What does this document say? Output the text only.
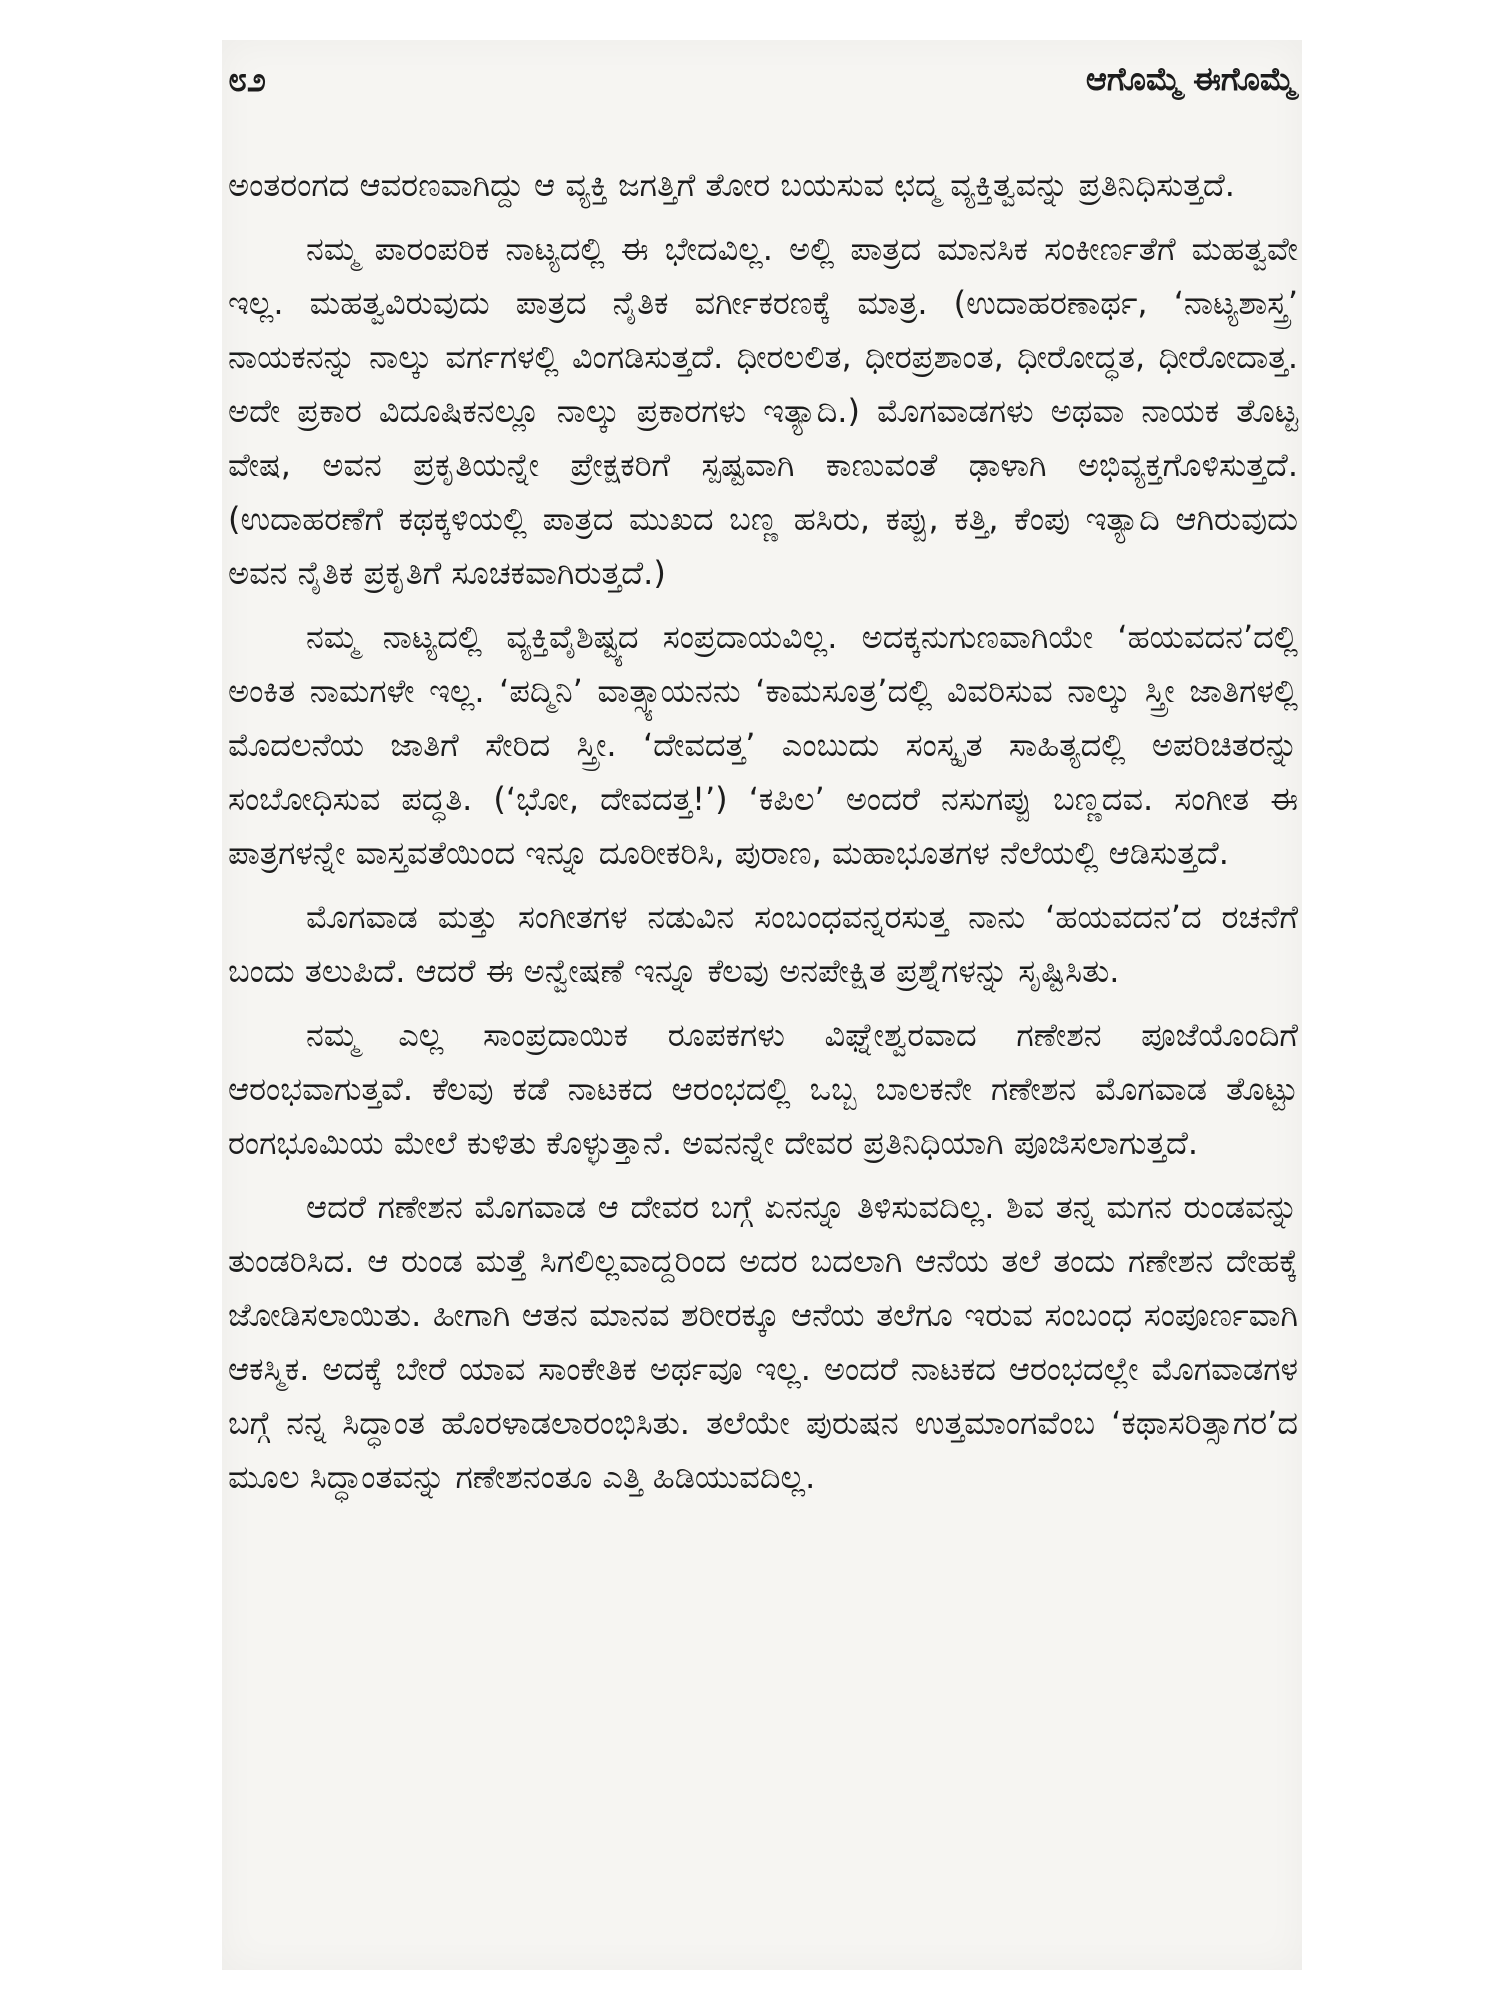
೮೨	ಆಗೊಮ್ಮೆ ಈಗೊಮ್ಮೆ

ಅಂತರಂಗದ ಆವರಣವಾಗಿದ್ದು ಆ ವ್ಯಕ್ತಿ ಜಗತ್ತಿಗೆ ತೋರ ಬಯಸುವ ಛದ್ಮ ವ್ಯಕ್ತಿತ್ವವನ್ನು ಪ್ರತಿನಿಧಿಸುತ್ತದೆ.

ನಮ್ಮ ಪಾರಂಪರಿಕ ನಾಟ್ಯದಲ್ಲಿ ಈ ಭೇದವಿಲ್ಲ. ಅಲ್ಲಿ ಪಾತ್ರದ ಮಾನಸಿಕ ಸಂಕೀರ್ಣತೆಗೆ ಮಹತ್ವವೇ ಇಲ್ಲ. ಮಹತ್ವವಿರುವುದು ಪಾತ್ರದ ನೈತಿಕ ವರ್ಗೀಕರಣಕ್ಕೆ ಮಾತ್ರ. (ಉದಾಹರಣಾರ್ಥ, ‘ನಾಟ್ಯಶಾಸ್ತ್ರ’ ನಾಯಕನನ್ನು ನಾಲ್ಕು ವರ್ಗಗಳಲ್ಲಿ ವಿಂಗಡಿಸುತ್ತದೆ. ಧೀರಲಲಿತ, ಧೀರಪ್ರಶಾಂತ, ಧೀರೋದ್ಧತ, ಧೀರೋದಾತ್ತ. ಅದೇ ಪ್ರಕಾರ ವಿದೂಷಿಕನಲ್ಲೂ ನಾಲ್ಕು ಪ್ರಕಾರಗಳು ಇತ್ಯಾದಿ.) ಮೊಗವಾಡಗಳು ಅಥವಾ ನಾಯಕ ತೊಟ್ಟ ವೇಷ, ಅವನ ಪ್ರಕೃತಿಯನ್ನೇ ಪ್ರೇಕ್ಷಕರಿಗೆ ಸ್ಪಷ್ಟವಾಗಿ ಕಾಣುವಂತೆ ಢಾಳಾಗಿ ಅಭಿವ್ಯಕ್ತಗೊಳಿಸುತ್ತದೆ. (ಉದಾಹರಣೆಗೆ ಕಥಕ್ಕಳಿಯಲ್ಲಿ ಪಾತ್ರದ ಮುಖದ ಬಣ್ಣ ಹಸಿರು, ಕಪ್ಪು, ಕತ್ತಿ, ಕೆಂಪು ಇತ್ಯಾದಿ ಆಗಿರುವುದು ಅವನ ನೈತಿಕ ಪ್ರಕೃತಿಗೆ ಸೂಚಕವಾಗಿರುತ್ತದೆ.)

ನಮ್ಮ ನಾಟ್ಯದಲ್ಲಿ ವ್ಯಕ್ತಿವೈಶಿಷ್ಟ್ಯದ ಸಂಪ್ರದಾಯವಿಲ್ಲ. ಅದಕ್ಕನುಗುಣವಾಗಿಯೇ ‘ಹಯವದನ’ದಲ್ಲಿ ಅಂಕಿತ ನಾಮಗಳೇ ಇಲ್ಲ. ‘ಪದ್ಮಿನಿ’ ವಾತ್ಸ್ಯಾಯನನು ‘ಕಾಮಸೂತ್ರ’ದಲ್ಲಿ ವಿವರಿಸುವ ನಾಲ್ಕು ಸ್ತ್ರೀ ಜಾತಿಗಳಲ್ಲಿ ಮೊದಲನೆಯ ಜಾತಿಗೆ ಸೇರಿದ ಸ್ತ್ರೀ. ‘ದೇವದತ್ತ’ ಎಂಬುದು ಸಂಸ್ಕೃತ ಸಾಹಿತ್ಯದಲ್ಲಿ ಅಪರಿಚಿತರನ್ನು ಸಂಬೋಧಿಸುವ ಪದ್ಧತಿ. (‘ಭೋ, ದೇವದತ್ತ!’) ‘ಕಪಿಲ’ ಅಂದರೆ ನಸುಗಪ್ಪು ಬಣ್ಣದವ. ಸಂಗೀತ ಈ ಪಾತ್ರಗಳನ್ನೇ ವಾಸ್ತವತೆಯಿಂದ ಇನ್ನೂ ದೂರೀಕರಿಸಿ, ಪುರಾಣ, ಮಹಾಭೂತಗಳ ನೆಲೆಯಲ್ಲಿ ಆಡಿಸುತ್ತದೆ.

ಮೊಗವಾಡ ಮತ್ತು ಸಂಗೀತಗಳ ನಡುವಿನ ಸಂಬಂಧವನ್ನರಸುತ್ತ ನಾನು ‘ಹಯವದನ’ದ ರಚನೆಗೆ ಬಂದು ತಲುಪಿದೆ. ಆದರೆ ಈ ಅನ್ವೇಷಣೆ ಇನ್ನೂ ಕೆಲವು ಅನಪೇಕ್ಷಿತ ಪ್ರಶ್ನೆಗಳನ್ನು ಸೃಷ್ಟಿಸಿತು.

ನಮ್ಮ ಎಲ್ಲ ಸಾಂಪ್ರದಾಯಿಕ ರೂಪಕಗಳು ವಿಘ್ನೇಶ್ವರವಾದ ಗಣೇಶನ ಪೂಜೆಯೊಂದಿಗೆ ಆರಂಭವಾಗುತ್ತವೆ. ಕೆಲವು ಕಡೆ ನಾಟಕದ ಆರಂಭದಲ್ಲಿ ಒಬ್ಬ ಬಾಲಕನೇ ಗಣೇಶನ ಮೊಗವಾಡ ತೊಟ್ಟು ರಂಗಭೂಮಿಯ ಮೇಲೆ ಕುಳಿತು ಕೊಳ್ಳುತ್ತಾನೆ. ಅವನನ್ನೇ ದೇವರ ಪ್ರತಿನಿಧಿಯಾಗಿ ಪೂಜಿಸಲಾಗುತ್ತದೆ.

ಆದರೆ ಗಣೇಶನ ಮೊಗವಾಡ ಆ ದೇವರ ಬಗ್ಗೆ ಏನನ್ನೂ ತಿಳಿಸುವದಿಲ್ಲ. ಶಿವ ತನ್ನ ಮಗನ ರುಂಡವನ್ನು ತುಂಡರಿಸಿದ. ಆ ರುಂಡ ಮತ್ತೆ ಸಿಗಲಿಲ್ಲವಾದ್ದರಿಂದ ಅದರ ಬದಲಾಗಿ ಆನೆಯ ತಲೆ ತಂದು ಗಣೇಶನ ದೇಹಕ್ಕೆ ಜೋಡಿಸಲಾಯಿತು. ಹೀಗಾಗಿ ಆತನ ಮಾನವ ಶರೀರಕ್ಕೂ ಆನೆಯ ತಲೆಗೂ ಇರುವ ಸಂಬಂಧ ಸಂಪೂರ್ಣವಾಗಿ ಆಕಸ್ಮಿಕ. ಅದಕ್ಕೆ ಬೇರೆ ಯಾವ ಸಾಂಕೇತಿಕ ಅರ್ಥವೂ ಇಲ್ಲ. ಅಂದರೆ ನಾಟಕದ ಆರಂಭದಲ್ಲೇ ಮೊಗವಾಡಗಳ ಬಗ್ಗೆ ನನ್ನ ಸಿದ್ಧಾಂತ ಹೊರಳಾಡಲಾರಂಭಿಸಿತು. ತಲೆಯೇ ಪುರುಷನ ಉತ್ತಮಾಂಗವೆಂಬ ‘ಕಥಾಸರಿತ್ಸಾಗರ’ದ ಮೂಲ ಸಿದ್ಧಾಂತವನ್ನು ಗಣೇಶನಂತೂ ಎತ್ತಿ ಹಿಡಿಯುವದಿಲ್ಲ.
